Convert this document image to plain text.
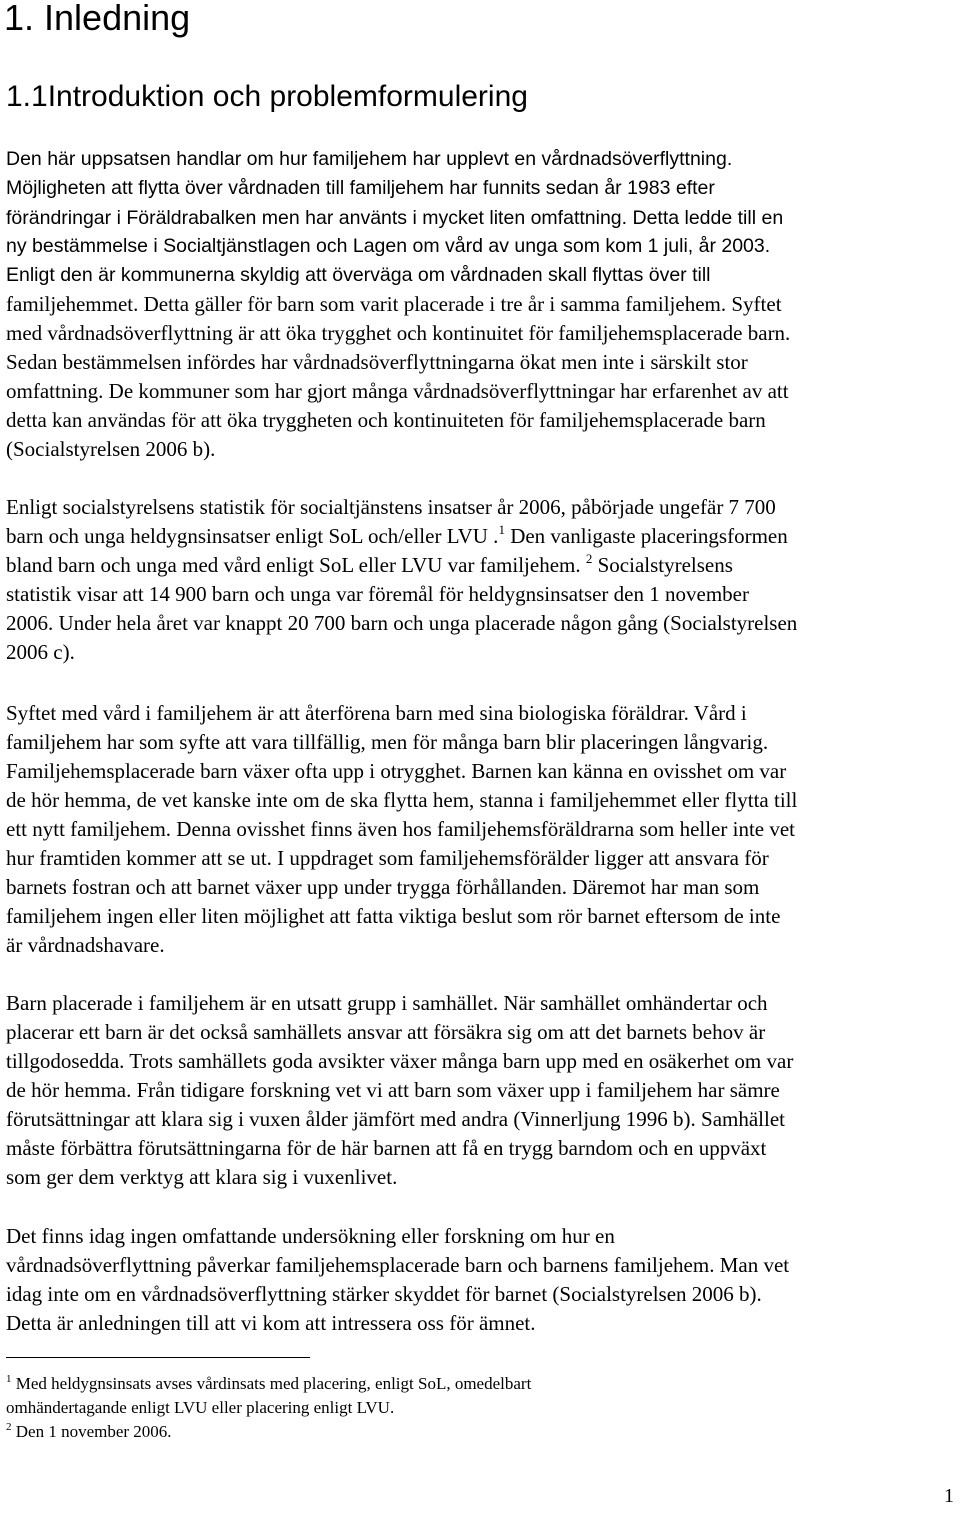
1. Inledning
1.1Introduktion och problemformulering
Den här uppsatsen handlar om hur familjehem har upplevt en vårdnadsöverflyttning.
Möjligheten att flytta över vårdnaden till familjehem har funnits sedan år 1983 efter
förändringar i Föräldrabalken men har använts i mycket liten omfattning. Detta ledde till en
ny bestämmelse i Socialtjänstlagen och Lagen om vård av unga som kom 1 juli, år 2003.
Enligt den är kommunerna skyldig att överväga om vårdnaden skall flyttas över till
familjehemmet. Detta gäller för barn som varit placerade i tre år i samma familjehem. Syftet
med vårdnadsöverflyttning är att öka trygghet och kontinuitet för familjehemsplacerade barn.
Sedan bestämmelsen infördes har vårdnadsöverflyttningarna ökat men inte i särskilt stor
omfattning. De kommuner som har gjort många vårdnadsöverflyttningar har erfarenhet av att
detta kan användas för att öka tryggheten och kontinuiteten för familjehemsplacerade barn
(Socialstyrelsen 2006 b).
Enligt socialstyrelsens statistik för socialtjänstens insatser år 2006, påbörjade ungefär 7 700
barn och unga heldygnsinsatser enligt SoL och/eller LVU .$^1$ Den vanligaste placeringsformen
bland barn och unga med vård enligt SoL eller LVU var familjehem. $^2$ Socialstyrelsens
statistik visar att 14 900 barn och unga var föremål för heldygnsinsatser den 1 november
2006. Under hela året var knappt 20 700 barn och unga placerade någon gång (Socialstyrelsen
2006 c).
Syftet med vård i familjehem är att återförena barn med sina biologiska föräldrar. Vård i
familjehem har som syfte att vara tillfällig, men för många barn blir placeringen långvarig.
Familjehemsplacerade barn växer ofta upp i otrygghet. Barnen kan känna en ovisshet om var
de hör hemma, de vet kanske inte om de ska flytta hem, stanna i familjehemmet eller flytta till
ett nytt familjehem. Denna ovisshet finns även hos familjehemsföräldrarna som heller inte vet
hur framtiden kommer att se ut. I uppdraget som familjehemsförälder ligger att ansvara för
barnets fostran och att barnet växer upp under trygga förhållanden. Däremot har man som
familjehem ingen eller liten möjlighet att fatta viktiga beslut som rör barnet eftersom de inte
är vårdnadshavare.
Barn placerade i familjehem är en utsatt grupp i samhället. När samhället omhändertar och
placerar ett barn är det också samhällets ansvar att försäkra sig om att det barnets behov är
tillgodosedda. Trots samhällets goda avsikter växer många barn upp med en osäkerhet om var
de hör hemma. Från tidigare forskning vet vi att barn som växer upp i familjehem har sämre
förutsättningar att klara sig i vuxen ålder jämfört med andra (Vinnerljung 1996 b). Samhället
måste förbättra förutsättningarna för de här barnen att få en trygg barndom och en uppväxt
som ger dem verktyg att klara sig i vuxenlivet.
Det finns idag ingen omfattande undersökning eller forskning om hur en
vårdnadsöverflyttning påverkar familjehemsplacerade barn och barnens familjehem. Man vet
idag inte om en vårdnadsöverflyttning stärker skyddet för barnet (Socialstyrelsen 2006 b).
Detta är anledningen till att vi kom att intressera oss för ämnet.
$^1$ Med heldygnsinsats avses vårdinsats med placering, enligt SoL, omedelbart
omhändertagande enligt LVU eller placering enligt LVU.
$^2$ Den 1 november 2006.
1
